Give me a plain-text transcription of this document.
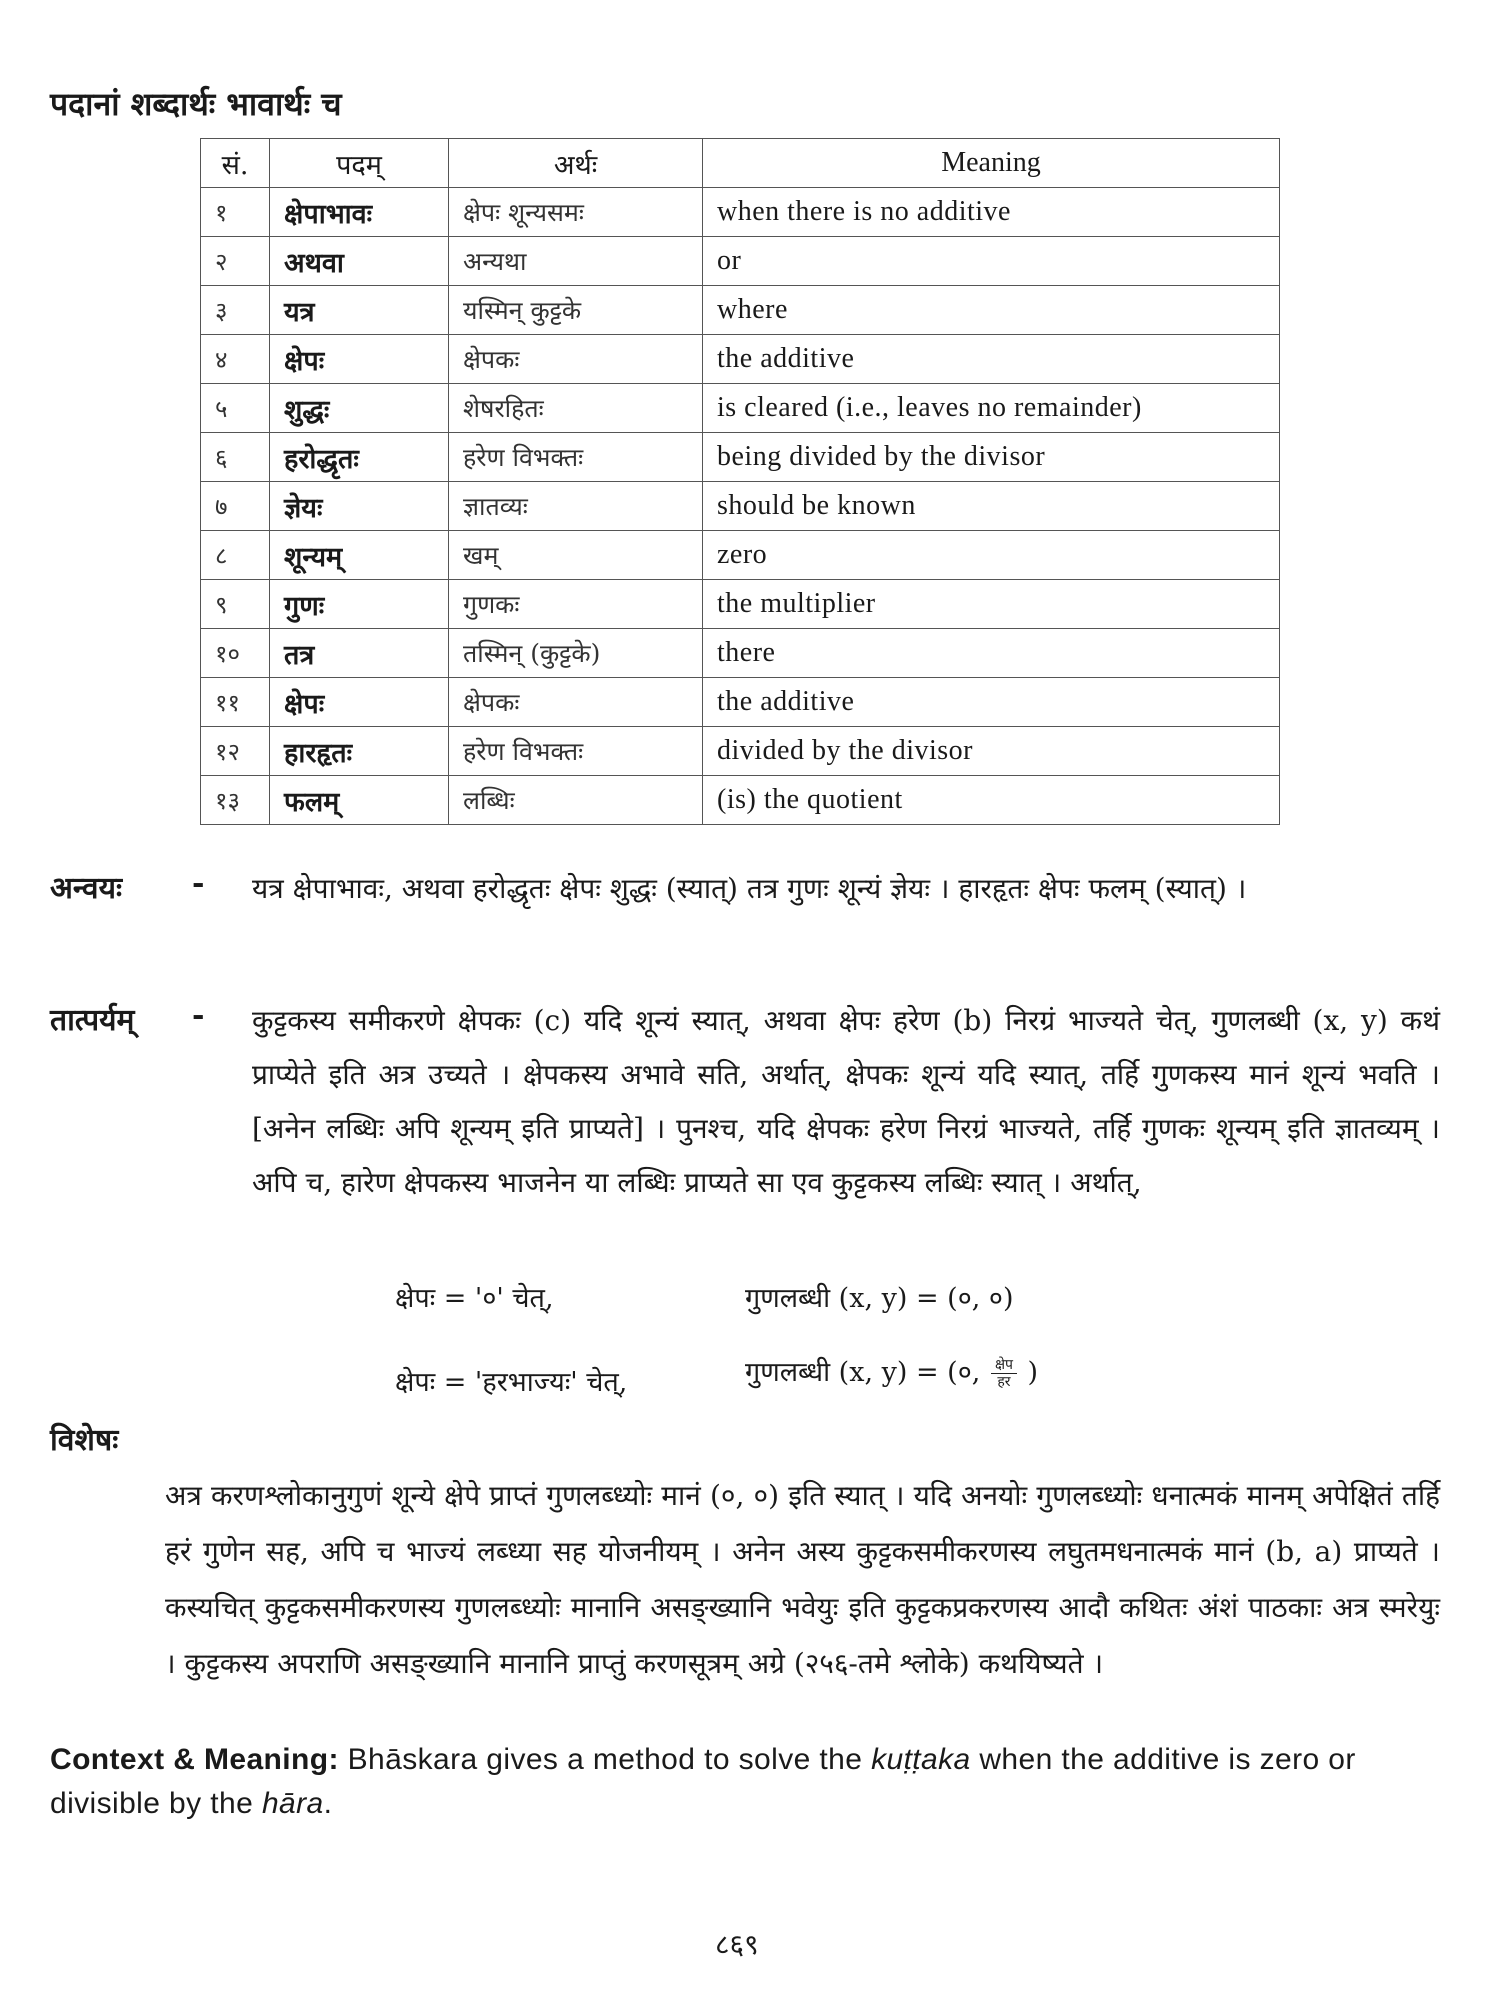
पदानां शब्दार्थः भावार्थः च
सं.	पदम्	अर्थः	Meaning
१	क्षेपाभावः	क्षेपः शून्यसमः	when there is no additive
२	अथवा	अन्यथा	or
३	यत्र	यस्मिन् कुट्टके	where
४	क्षेपः	क्षेपकः	the additive
५	शुद्धः	शेषरहितः	is cleared (i.e., leaves no remainder)
६	हरोद्धृतः	हरेण विभक्तः	being divided by the divisor
७	ज्ञेयः	ज्ञातव्यः	should be known
८	शून्यम्	खम्	zero
९	गुणः	गुणकः	the multiplier
१०	तत्र	तस्मिन् (कुट्टके)	there
११	क्षेपः	क्षेपकः	the additive
१२	हारहृतः	हरेण विभक्तः	divided by the divisor
१३	फलम्	लब्धिः	(is) the quotient
अन्वयः - यत्र क्षेपाभावः, अथवा हरोद्धृतः क्षेपः शुद्धः (स्यात्) तत्र गुणः शून्यं ज्ञेयः । हारहृतः क्षेपः फलम् (स्यात्) ।
तात्पर्यम् - कुट्टकस्य समीकरणे क्षेपकः (c) यदि शून्यं स्यात्, अथवा क्षेपः हरेण (b) निरग्रं भाज्यते चेत्, गुणलब्धी (x, y) कथं प्राप्येते इति अत्र उच्यते । क्षेपकस्य अभावे सति, अर्थात्, क्षेपकः शून्यं यदि स्यात्, तर्हि गुणकस्य मानं शून्यं भवति । [अनेन लब्धिः अपि शून्यम् इति प्राप्यते] । पुनश्च, यदि क्षेपकः हरेण निरग्रं भाज्यते, तर्हि गुणकः शून्यम् इति ज्ञातव्यम् । अपि च, हारेण क्षेपकस्य भाजनेन या लब्धिः प्राप्यते सा एव कुट्टकस्य लब्धिः स्यात् । अर्थात्,
क्षेपः = '०' चेत्,	गुणलब्धी (x, y) = (०, ०)
क्षेपः = 'हरभाज्यः' चेत्,	गुणलब्धी (x, y) = (०, $\frac{\text{क्षेप}}{\text{हर}}$ )
विशेषः
अत्र करणश्लोकानुगुणं शून्ये क्षेपे प्राप्तं गुणलब्ध्योः मानं (०, ०) इति स्यात् । यदि अनयोः गुणलब्ध्योः धनात्मकं मानम् अपेक्षितं तर्हि हरं गुणेन सह, अपि च भाज्यं लब्ध्या सह योजनीयम् । अनेन अस्य कुट्टकसमीकरणस्य लघुतमधनात्मकं मानं (b, a) प्राप्यते । कस्यचित् कुट्टकसमीकरणस्य गुणलब्ध्योः मानानि असङ्ख्यानि भवेयुः इति कुट्टकप्रकरणस्य आदौ कथितः अंशं पाठकाः अत्र स्मरेयुः । कुट्टकस्य अपराणि असङ्ख्यानि मानानि प्राप्तुं करणसूत्रम् अग्रे (२५६-तमे श्लोके) कथयिष्यते ।
Context & Meaning: Bhāskara gives a method to solve the kuṭṭaka when the additive is zero or divisible by the hāra.
८६९
